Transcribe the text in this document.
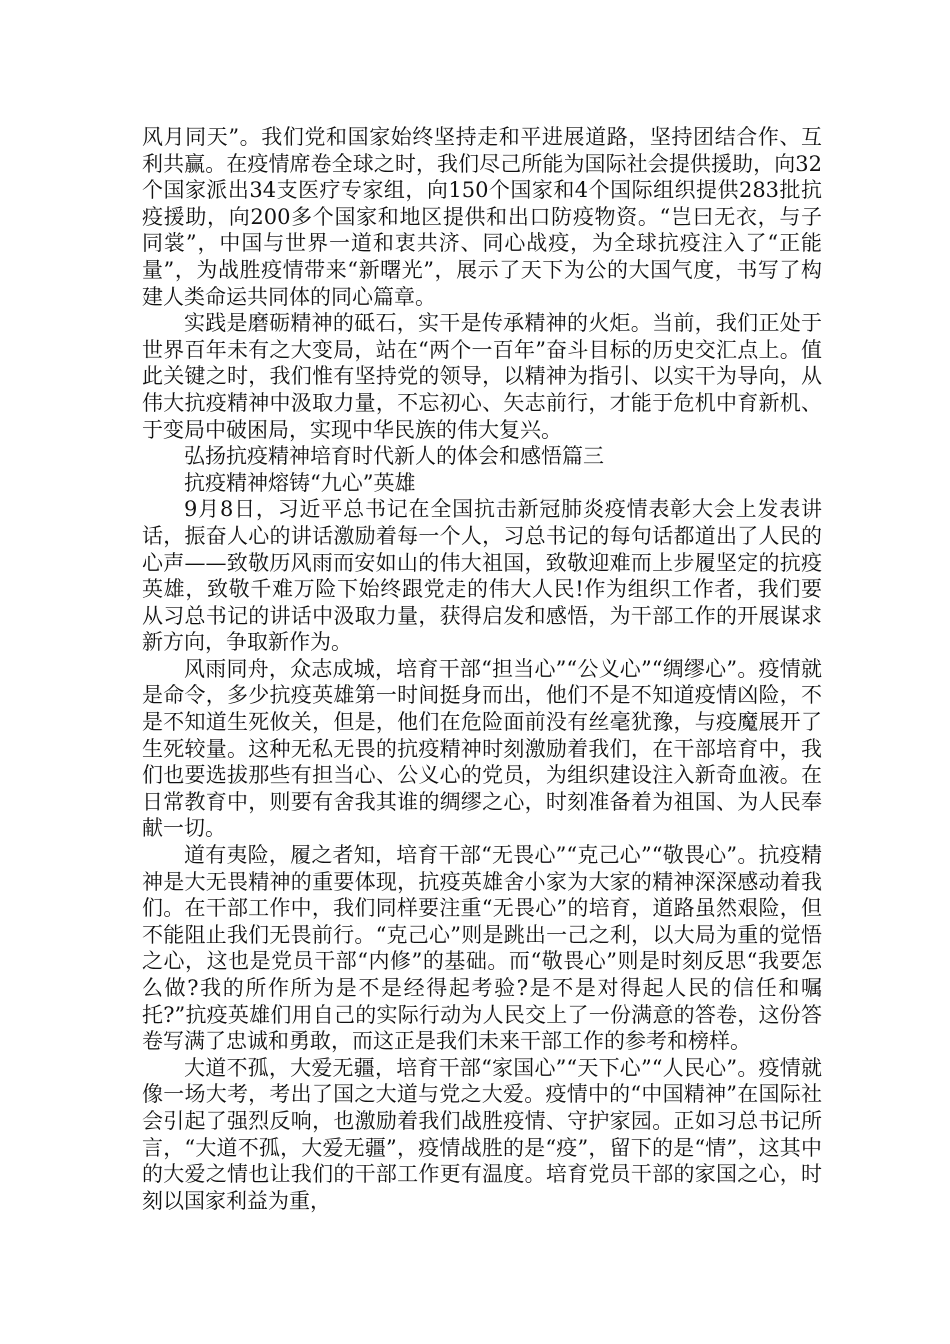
风月同天”。我们党和国家始终坚持走和平进展道路，坚持团结合作、互利共赢。在疫情席卷全球之时，我们尽己所能为国际社会提供援助，向32个国家派出34支医疗专家组，向150个国家和4个国际组织提供283批抗疫援助，向200多个国家和地区提供和出口防疫物资。“岂曰无衣，与子同裳”，中国与世界一道和衷共济、同心战疫，为全球抗疫注入了“正能量”，为战胜疫情带来“新曙光”，展示了天下为公的大国气度，书写了构建人类命运共同体的同心篇章。

实践是磨砺精神的砥石，实干是传承精神的火炬。当前，我们正处于世界百年未有之大变局，站在“两个一百年”奋斗目标的历史交汇点上。值此关键之时，我们惟有坚持党的领导，以精神为指引、以实干为导向，从伟大抗疫精神中汲取力量，不忘初心、矢志前行，才能于危机中育新机、于变局中破困局，实现中华民族的伟大复兴。

弘扬抗疫精神培育时代新人的体会和感悟篇三

抗疫精神熔铸“九心”英雄

9月8日，习近平总书记在全国抗击新冠肺炎疫情表彰大会上发表讲话，振奋人心的讲话激励着每一个人，习总书记的每句话都道出了人民的心声——致敬历风雨而安如山的伟大祖国，致敬迎难而上步履坚定的抗疫英雄，致敬千难万险下始终跟党走的伟大人民!作为组织工作者，我们要从习总书记的讲话中汲取力量，获得启发和感悟，为干部工作的开展谋求新方向，争取新作为。

风雨同舟，众志成城，培育干部“担当心”“公义心”“绸缪心”。疫情就是命令，多少抗疫英雄第一时间挺身而出，他们不是不知道疫情凶险，不是不知道生死攸关，但是，他们在危险面前没有丝毫犹豫，与疫魔展开了生死较量。这种无私无畏的抗疫精神时刻激励着我们，在干部培育中，我们也要选拔那些有担当心、公义心的党员，为组织建设注入新奇血液。在日常教育中，则要有舍我其谁的绸缪之心，时刻准备着为祖国、为人民奉献一切。

道有夷险，履之者知，培育干部“无畏心”“克己心”“敬畏心”。抗疫精神是大无畏精神的重要体现，抗疫英雄舍小家为大家的精神深深感动着我们。在干部工作中，我们同样要注重“无畏心”的培育，道路虽然艰险，但不能阻止我们无畏前行。“克己心”则是跳出一己之利，以大局为重的觉悟之心，这也是党员干部“内修”的基础。而“敬畏心”则是时刻反思“我要怎么做?我的所作所为是不是经得起考验?是不是对得起人民的信任和嘱托?”抗疫英雄们用自己的实际行动为人民交上了一份满意的答卷，这份答卷写满了忠诚和勇敢，而这正是我们未来干部工作的参考和榜样。

大道不孤，大爱无疆，培育干部“家国心”“天下心”“人民心”。疫情就像一场大考，考出了国之大道与党之大爱。疫情中的“中国精神”在国际社会引起了强烈反响，也激励着我们战胜疫情、守护家园。正如习总书记所言，“大道不孤，大爱无疆”，疫情战胜的是“疫”，留下的是“情”，这其中的大爱之情也让我们的干部工作更有温度。培育党员干部的家国之心，时刻以国家利益为重，
